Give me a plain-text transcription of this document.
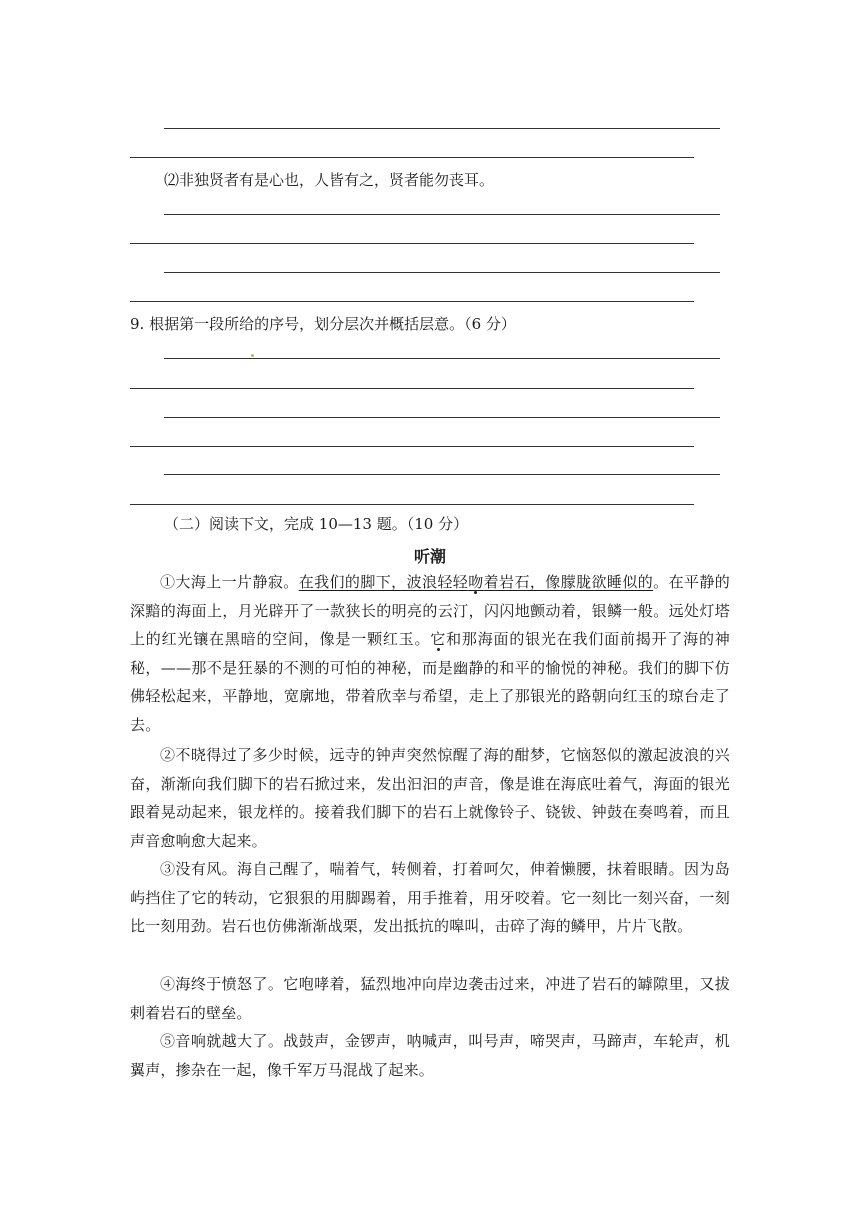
⑵非独贤者有是心也，人皆有之，贤者能勿丧耳。
9. 根据第一段所给的序号，划分层次并概括层意。（6 分）
（二）阅读下文，完成 10—13 题。（10 分）
听潮
①大海上一片静寂。在我们的脚下，波浪轻轻吻着岩石，像朦胧欲睡似的。在平静的深黯的海面上，月光辟开了一款狭长的明亮的云汀，闪闪地颤动着，银鳞一般。远处灯塔上的红光镶在黑暗的空间，像是一颗红玉。它和那海面的银光在我们面前揭开了海的神秘，——那不是狂暴的不测的可怕的神秘，而是幽静的和平的愉悦的神秘。我们的脚下仿佛轻松起来，平静地，宽廓地，带着欣幸与希望，走上了那银光的路朝向红玉的琼台走了去。
②不晓得过了多少时候，远寺的钟声突然惊醒了海的酣梦，它恼怒似的激起波浪的兴奋，渐渐向我们脚下的岩石掀过来，发出汩汩的声音，像是谁在海底吐着气，海面的银光跟着晃动起来，银龙样的。接着我们脚下的岩石上就像铃子、铙钹、钟鼓在奏鸣着，而且声音愈响愈大起来。
③没有风。海自己醒了，喘着气，转侧着，打着呵欠，伸着懒腰，抹着眼睛。因为岛屿挡住了它的转动，它狠狠的用脚踢着，用手推着，用牙咬着。它一刻比一刻兴奋，一刻比一刻用劲。岩石也仿佛渐渐战栗，发出抵抗的嗥叫，击碎了海的鳞甲，片片飞散。
④海终于愤怒了。它咆哮着，猛烈地冲向岸边袭击过来，冲进了岩石的罅隙里，又拔剌着岩石的壁垒。
⑤音响就越大了。战鼓声，金锣声，呐喊声，叫号声，啼哭声，马蹄声，车轮声，机翼声，掺杂在一起，像千军万马混战了起来。
